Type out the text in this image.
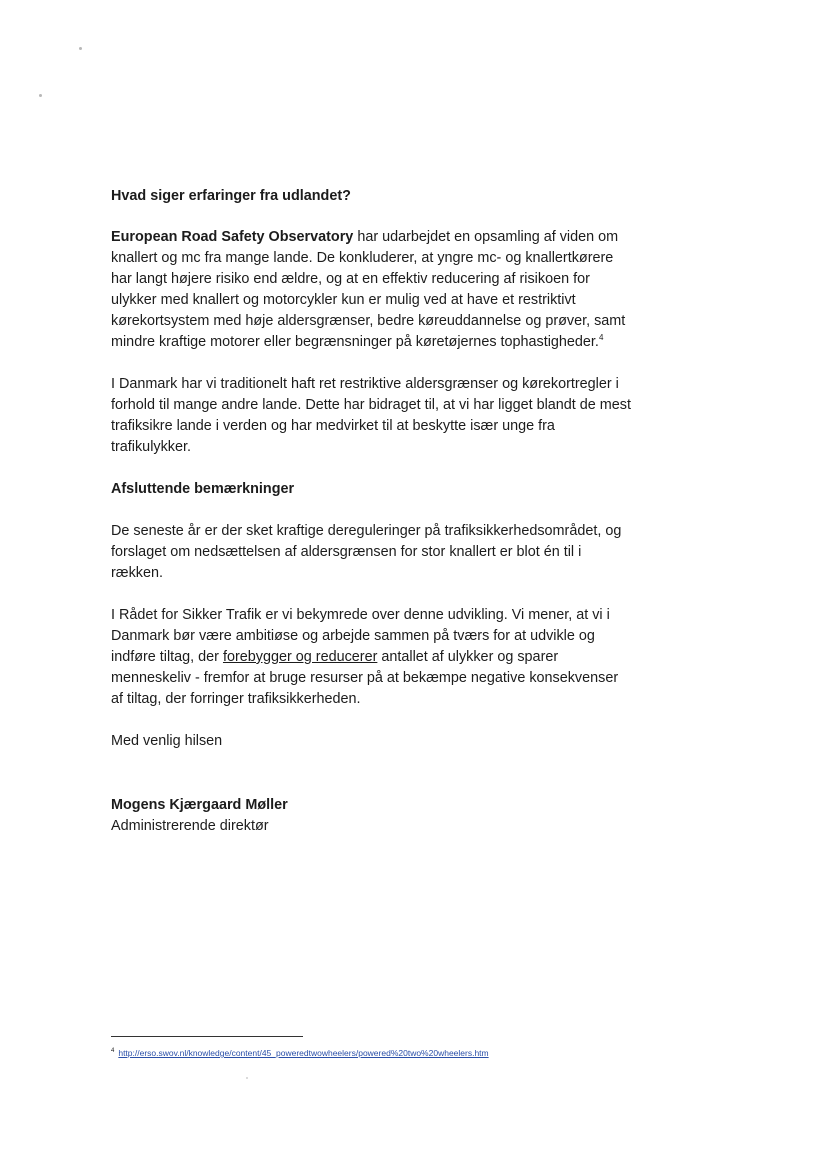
Hvad siger erfaringer fra udlandet?

European Road Safety Observatory har udarbejdet en opsamling af viden om knallert og mc fra mange lande. De konkluderer, at yngre mc- og knallertkørere har langt højere risiko end ældre, og at en effektiv reducering af risikoen for ulykker med knallert og motorcykler kun er mulig ved at have et restriktivt kørekortsystem med høje aldersgrænser, bedre køreuddannelse og prøver, samt mindre kraftige motorer eller begrænsninger på køretøjernes tophastigheder.$^4$

I Danmark har vi traditionelt haft ret restriktive aldersgrænser og kørekortregler i forhold til mange andre lande. Dette har bidraget til, at vi har ligget blandt de mest trafiksikre lande i verden og har medvirket til at beskytte især unge fra trafikulykker.

Afsluttende bemærkninger

De seneste år er der sket kraftige dereguleringer på trafiksikkerhedsområdet, og forslaget om nedsættelsen af aldersgrænsen for stor knallert er blot én til i rækken.

I Rådet for Sikker Trafik er vi bekymrede over denne udvikling. Vi mener, at vi i Danmark bør være ambitiøse og arbejde sammen på tværs for at udvikle og indføre tiltag, der forebygger og reducerer antallet af ulykker og sparer menneskeliv - fremfor at bruge resurser på at bekæmpe negative konsekvenser af tiltag, der forringer trafiksikkerheden.

Med venlig hilsen

Mogens Kjærgaard Møller

Administrerende direktør

$^4$ http://erso.swov.nl/knowledge/content/45_poweredtwowheelers/powered%20two%20wheelers.htm
